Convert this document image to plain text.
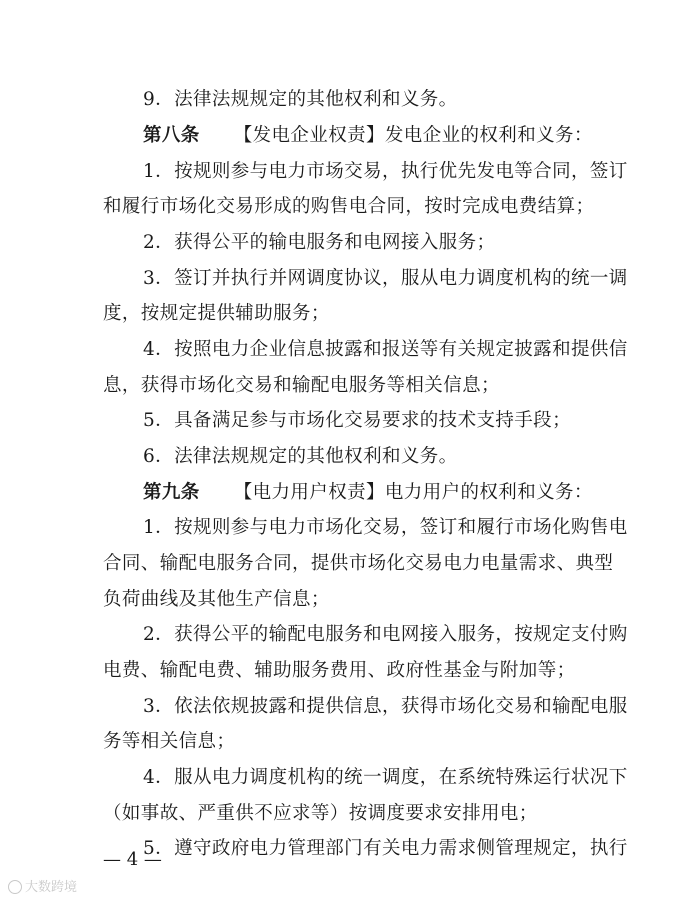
9．法律法规规定的其他权利和义务。
第八条 【发电企业权责】发电企业的权利和义务：
1．按规则参与电力市场交易，执行优先发电等合同，签订
和履行市场化交易形成的购售电合同，按时完成电费结算；
2．获得公平的输电服务和电网接入服务；
3．签订并执行并网调度协议，服从电力调度机构的统一调
度，按规定提供辅助服务；
4．按照电力企业信息披露和报送等有关规定披露和提供信
息，获得市场化交易和输配电服务等相关信息；
5．具备满足参与市场化交易要求的技术支持手段；
6．法律法规规定的其他权利和义务。
第九条 【电力用户权责】电力用户的权利和义务：
1．按规则参与电力市场化交易，签订和履行市场化购售电
合同、输配电服务合同，提供市场化交易电力电量需求、典型
负荷曲线及其他生产信息；
2．获得公平的输配电服务和电网接入服务，按规定支付购
电费、输配电费、辅助服务费用、政府性基金与附加等；
3．依法依规披露和提供信息，获得市场化交易和输配电服
务等相关信息；
4．服从电力调度机构的统一调度，在系统特殊运行状况下
（如事故、严重供不应求等）按调度要求安排用电；
5．遵守政府电力管理部门有关电力需求侧管理规定，执行
— 4 —
大数跨境
